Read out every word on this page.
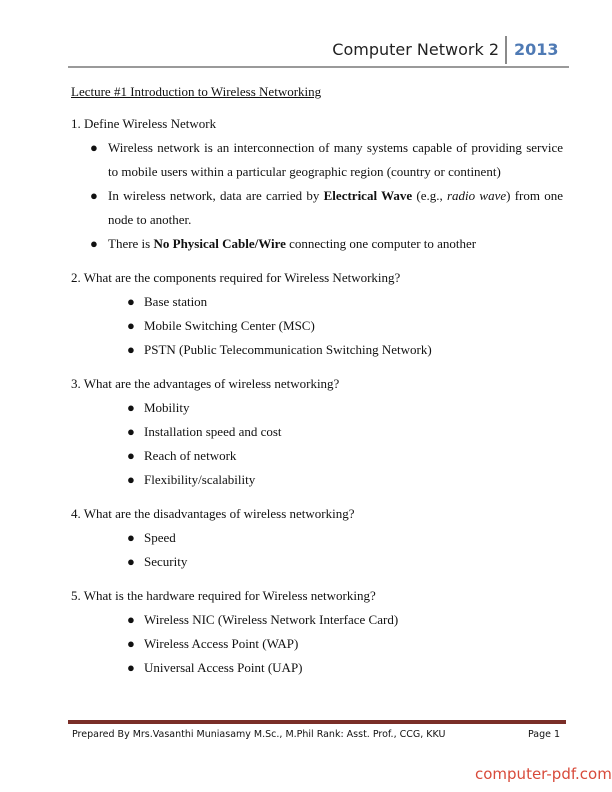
Computer Network 2 2013

Lecture #1 Introduction to Wireless Networking

1. Define Wireless Network

● Wireless network is an interconnection of many systems capable of providing service to mobile users within a particular geographic region (country or continent)
● In wireless network, data are carried by Electrical Wave (e.g., radio wave) from one node to another.
● There is No Physical Cable/Wire connecting one computer to another

2. What are the components required for Wireless Networking?

● Base station
● Mobile Switching Center (MSC)
● PSTN (Public Telecommunication Switching Network)

3. What are the advantages of wireless networking?

● Mobility
● Installation speed and cost
● Reach of network
● Flexibility/scalability

4. What are the disadvantages of wireless networking?

● Speed
● Security

5. What is the hardware required for Wireless networking?

● Wireless NIC (Wireless Network Interface Card)
● Wireless Access Point (WAP)
● Universal Access Point (UAP)
Prepared By Mrs.Vasanthi Muniasamy M.Sc., M.Phil Rank: Asst. Prof., CCG, KKU	Page 1
computer-pdf.com
